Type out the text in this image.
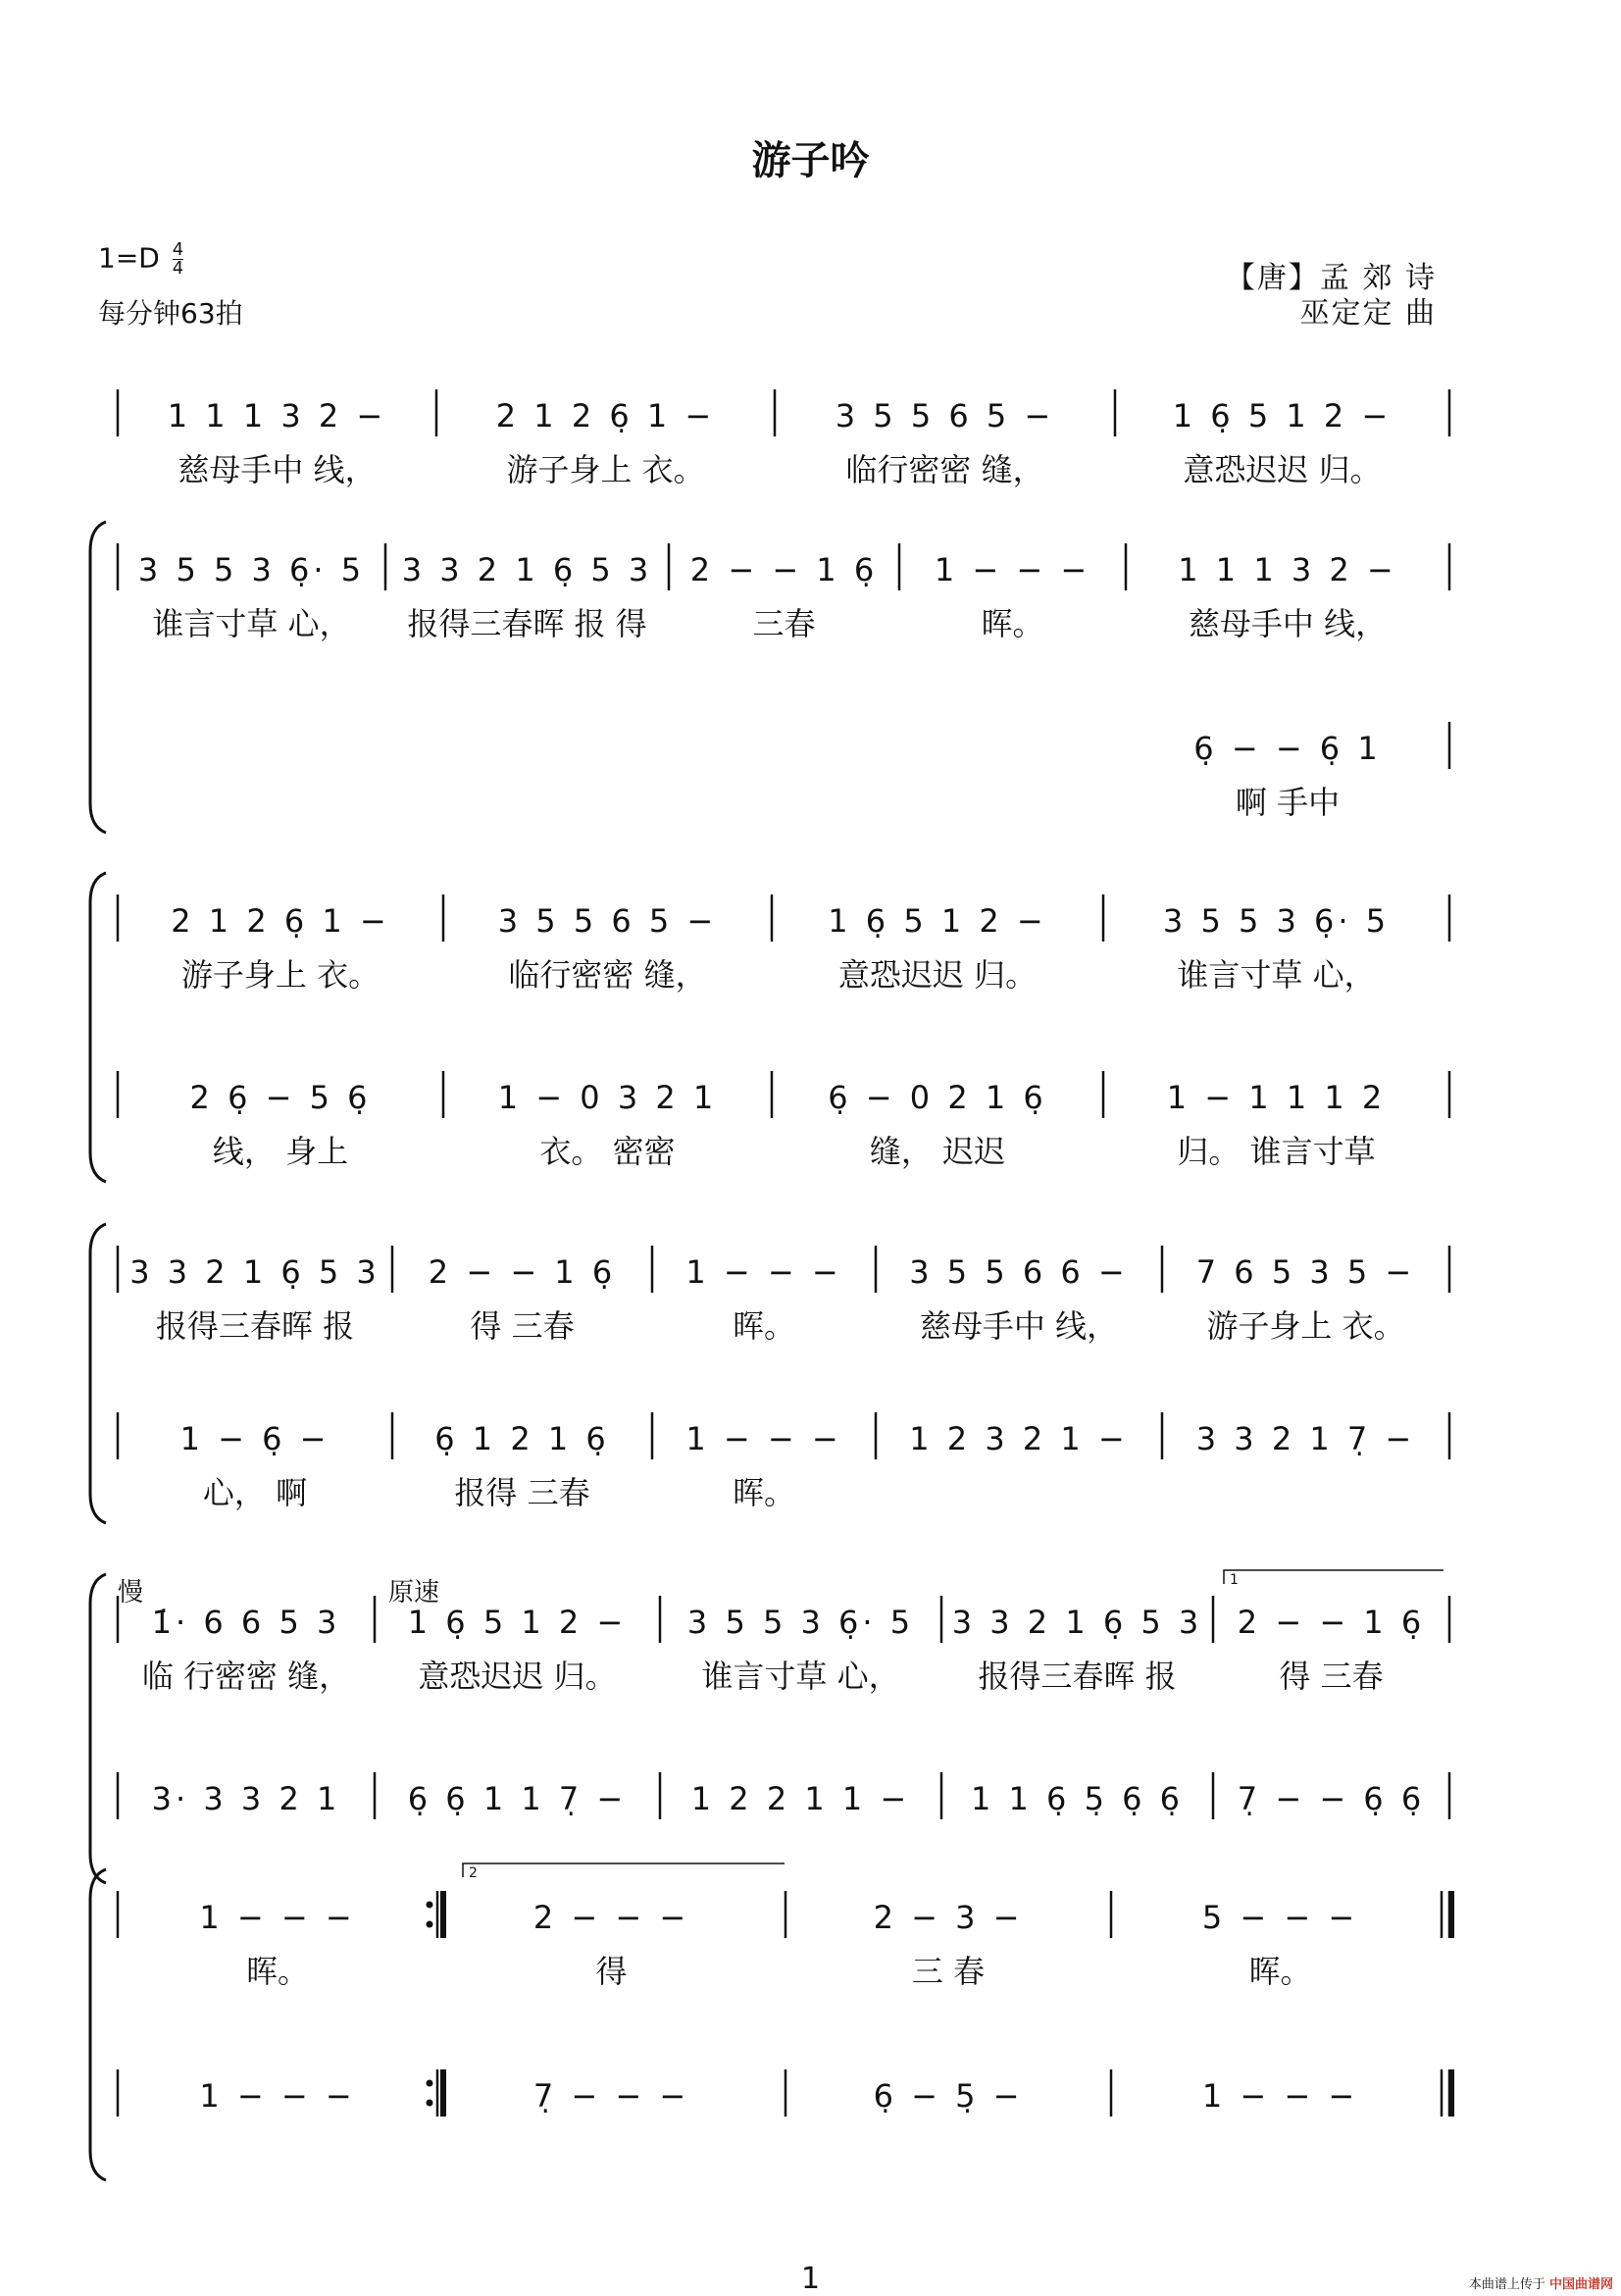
游子吟
$1=D \frac{4}{4}$
每分钟63拍
【唐】孟 郊 诗
巫定定 曲
慢	原速
1 1 1 3 2 −
慈母手中 线，
2 1 2 6̣ 1 −
游子身上 衣。
3 5 5 6 5 −
临行密密 缝，
1 6̣ 5 1 2 −
意恐迟迟 归。
3 5 5 3 6̣· 5
谁言寸草 心，
3 3 2 1 6̣ 5 3
报得三春晖 报 得
2 − − 1 6̣
三春
1 − − −
晖。
1 1 1 3 2 −
慈母手中 线，
6̣ − − 6̣ 1
啊 手中
2 1 2 6̣ 1 −
游子身上 衣。
3 5 5 6 5 −
临行密密 缝，
1 6̣ 5 1 2 −
意恐迟迟 归。
3 5 5 3 6̣· 5
谁言寸草 心，
2 6̣ − 5 6̣
线， 身上
1 − 0 3 2 1
衣。 密密
6̣ − 0 2 1 6̣
缝， 迟迟
1 − 1 1 1 2
归。 谁言寸草
3 3 2 1 6̣ 5 3
报得三春晖 报
2 − − 1 6̣
得 三春
1 − − −
晖。
3 5 5 6 6 −
慈母手中 线，
7 6 5 3 5 −
游子身上 衣。
1 − 6̣ −
心， 啊
6̣ 1 2 1 6̣
报得 三春
1 − − −
晖。
1 2 3 2 1 − 3 3 2 1 7̣ −
1̇· 6 6 5 3
临 行密密 缝，
1 6̣ 5 1 2 −
意恐迟迟 归。
3 5 5 3 6̣· 5
谁言寸草 心，
3 3 2 1 6̣ 5 3
报得三春晖 报
2 − − 1 6̣
得 三春
3· 3 3 2 1 6̣ 6̣ 1 1 7̣ − 1 2 2 1 1 − 1 1 6̣ 5̣ 6̣ 6̣ 7̣ − − 6̣ 6̣
1 − − −
晖。
2 − − −
得
2 − 3 −
三 春
5 − − −
晖。
1 − − −	7̣ − − −	6̣ − 5̣ −	1 − − −
1
2
1	本曲谱上传于 中国曲谱网
